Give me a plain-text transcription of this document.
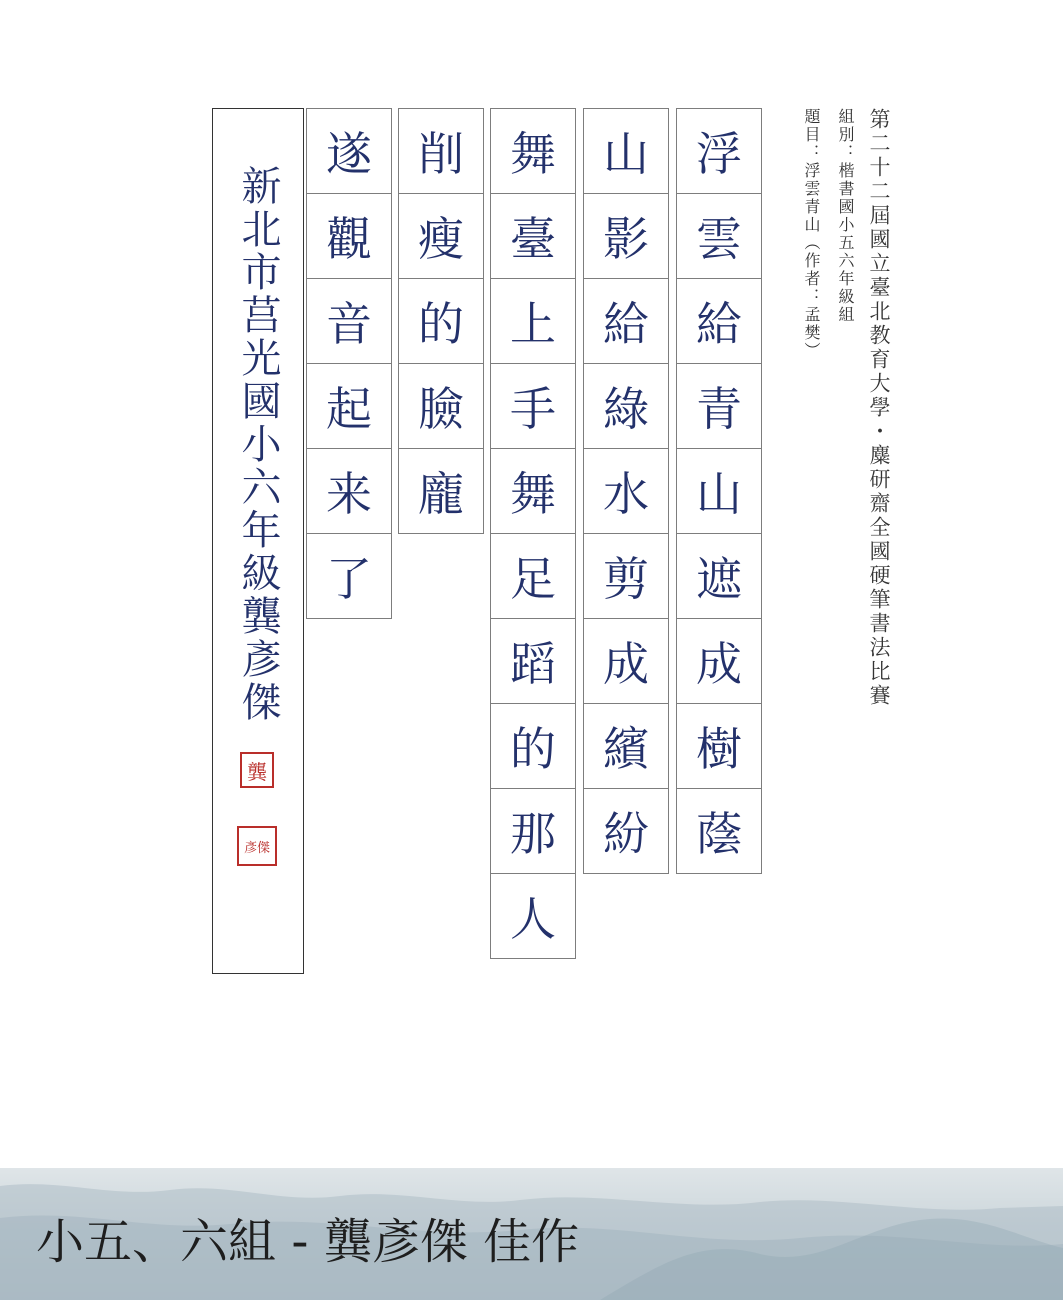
第二十二屆國立臺北教育大學・麋研齋全國硬筆書法比賽
組別：楷書國小五六年級組
題目：浮雲青山（作者：孟樊）
浮
雲
給
青
山
遮
成
樹
蔭
山
影
給
綠
水
剪
成
繽
紛
舞
臺
上
手
舞
足
蹈
的
那
人
削
瘦
的
臉
龐
遂
觀
音
起
来
了
新北市莒光國小六年級龔彥傑
龔
彥傑
小五、六組 - 龔彥傑 佳作
